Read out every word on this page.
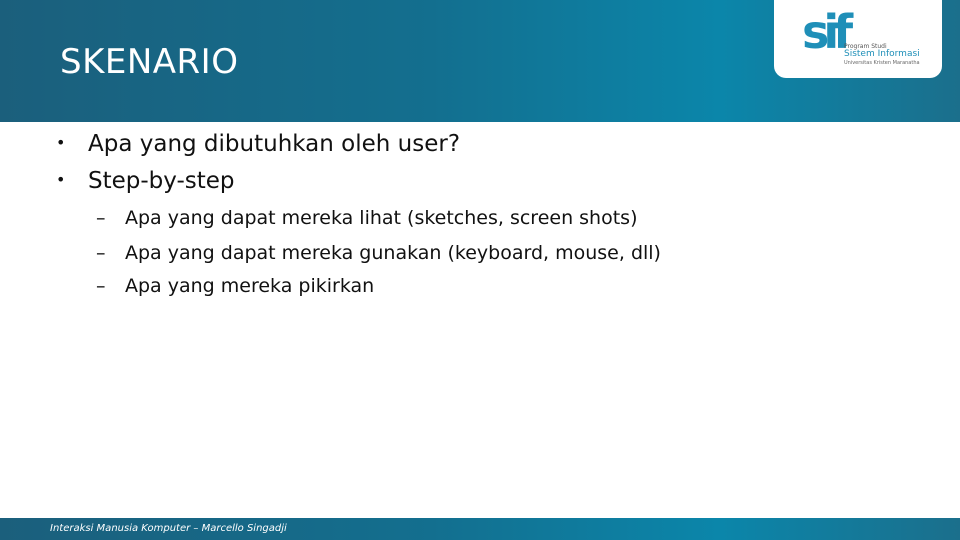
SKENARIO
sif
Program Studi
Sistem Informasi
Universitas Kristen Maranatha
• Apa yang dibutuhkan oleh user?
• Step-by-step
– Apa yang dapat mereka lihat (sketches, screen shots)
– Apa yang dapat mereka gunakan (keyboard, mouse, dll)
– Apa yang mereka pikirkan
Interaksi Manusia Komputer – Marcello Singadji
